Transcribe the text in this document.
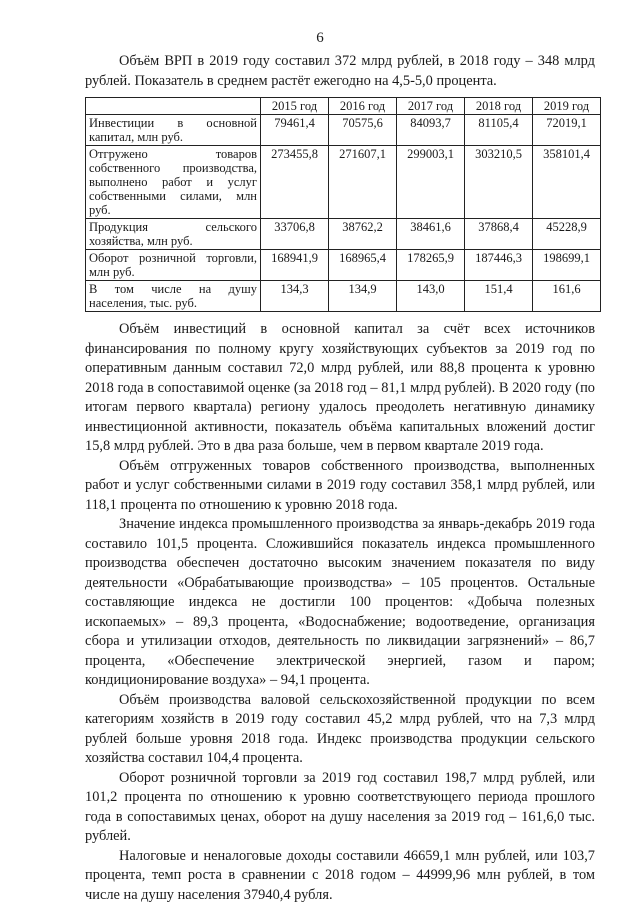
6

Объём ВРП в 2019 году составил 372 млрд рублей, в 2018 году – 348 млрд рублей. Показатель в среднем растёт ежегодно на 4,5-5,0 процента.

	2015 год	2016 год	2017 год	2018 год	2019 год
Инвестиции в основной капитал, млн руб.	79461,4	70575,6	84093,7	81105,4	72019,1
Отгружено товаров собственного производства, выполнено работ и услуг собственными силами, млн руб.	273455,8	271607,1	299003,1	303210,5	358101,4
Продукция сельского хозяйства, млн руб.	33706,8	38762,2	38461,6	37868,4	45228,9
Оборот розничной торговли, млн руб.	168941,9	168965,4	178265,9	187446,3	198699,1
В том числе на душу населения, тыс. руб.	134,3	134,9	143,0	151,4	161,6

Объём инвестиций в основной капитал за счёт всех источников финансирования по полному кругу хозяйствующих субъектов за 2019 год по оперативным данным составил 72,0 млрд рублей, или 88,8 процента к уровню 2018 года в сопоставимой оценке (за 2018 год – 81,1 млрд рублей). В 2020 году (по итогам первого квартала) региону удалось преодолеть негативную динамику инвестиционной активности, показатель объёма капитальных вложений достиг 15,8 млрд рублей. Это в два раза больше, чем в первом квартале 2019 года.

Объём отгруженных товаров собственного производства, выполненных работ и услуг собственными силами в 2019 году составил 358,1 млрд рублей, или 118,1 процента по отношению к уровню 2018 года.

Значение индекса промышленного производства за январь-декабрь 2019 года составило 101,5 процента. Сложившийся показатель индекса промышленного производства обеспечен достаточно высоким значением показателя по виду деятельности «Обрабатывающие производства» – 105 процентов. Остальные составляющие индекса не достигли 100 процентов: «Добыча полезных ископаемых» – 89,3 процента, «Водоснабжение; водоотведение, организация сбора и утилизации отходов, деятельность по ликвидации загрязнений» – 86,7 процента, «Обеспечение электрической энергией, газом и паром; кондиционирование воздуха» – 94,1 процента.

Объём производства валовой сельскохозяйственной продукции по всем категориям хозяйств в 2019 году составил 45,2 млрд рублей, что на 7,3 млрд рублей больше уровня 2018 года. Индекс производства продукции сельского хозяйства составил 104,4 процента.

Оборот розничной торговли за 2019 год составил 198,7 млрд рублей, или 101,2 процента по отношению к уровню соответствующего периода прошлого года в сопоставимых ценах, оборот на душу населения за 2019 год – 161,6,0 тыс. рублей.

Налоговые и неналоговые доходы составили 46659,1 млн рублей, или 103,7 процента, темп роста в сравнении с 2018 годом – 44999,96 млн рублей, в том числе на душу населения 37940,4 рубля.
